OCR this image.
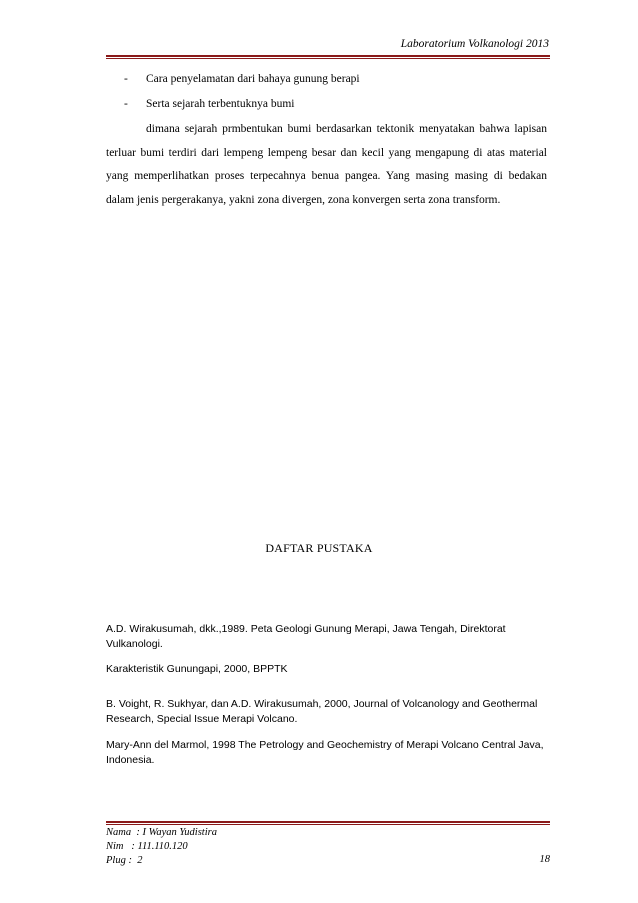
Laboratorium Volkanologi 2013
- Cara penyelamatan dari bahaya gunung berapi
- Serta sejarah terbentuknya bumi
dimana sejarah prmbentukan bumi berdasarkan tektonik menyatakan bahwa lapisan terluar bumi terdiri dari lempeng lempeng besar dan kecil yang mengapung di atas material yang memperlihatkan proses terpecahnya benua pangea. Yang masing masing di bedakan dalam jenis pergerakanya, yakni zona divergen, zona konvergen serta zona transform.
DAFTAR PUSTAKA
A.D. Wirakusumah, dkk.,1989. Peta Geologi Gunung Merapi, Jawa Tengah, Direktorat Vulkanologi.
Karakteristik Gunungapi, 2000, BPPTK
B. Voight, R. Sukhyar, dan A.D. Wirakusumah, 2000, Journal of Volcanology and Geothermal Research, Special Issue Merapi Volcano.
Mary-Ann del Marmol, 1998 The Petrology and Geochemistry of Merapi Volcano Central Java, Indonesia.
Nama  : I Wayan Yudistira
Nim   : 111.110.120
Plug :  2	18
